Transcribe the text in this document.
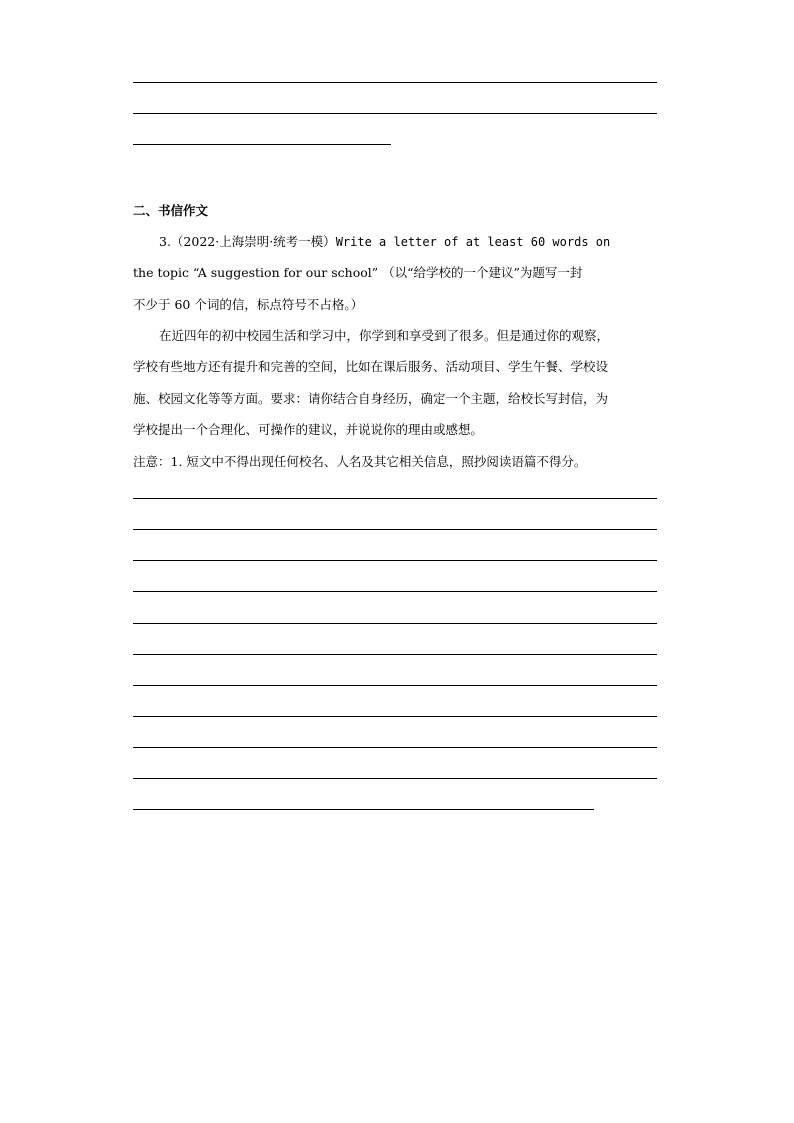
二、书信作文
3.（2022·上海崇明·统考一模）Write a letter of at least 60 words on
the topic “A suggestion for our school” （以“给学校的一个建议”为题写一封
不少于 60 个词的信，标点符号不占格。）
在近四年的初中校园生活和学习中，你学到和享受到了很多。但是通过你的观察，
学校有些地方还有提升和完善的空间，比如在课后服务、活动项目、学生午餐、学校设
施、校园文化等等方面。要求：请你结合自身经历，确定一个主题，给校长写封信，为
学校提出一个合理化、可操作的建议，并说说你的理由或感想。
注意：1. 短文中不得出现任何校名、人名及其它相关信息，照抄阅读语篇不得分。
